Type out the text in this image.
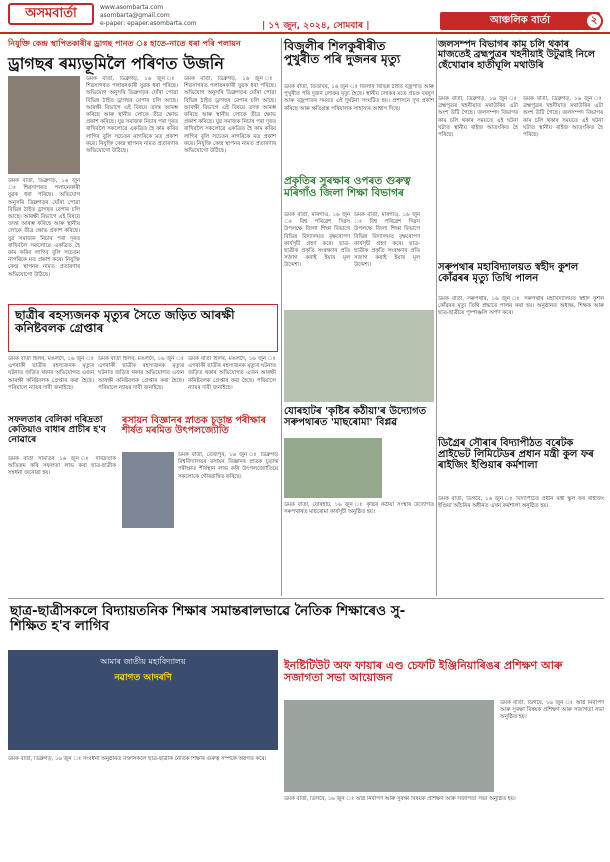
অসমবাৰ্তা	www.asombarta.com
asombarta@gmail.com
e-paper: epaper.asombarta.com	| ১৭ জুন, ২০২৪, সোমবাৰ |	আঞ্চলিক বাৰ্তা	২
নিযুক্তি কেন্দ্ৰ স্থাপিতকাৰীৰ ড্ৰাগছ পানত ঃ হাতে-নাতে ধৰা পৰি পলায়ন
ড্ৰাগছৰ ৰম্যভূমিলৈ পৰিণত উজনি
ডমক বাৰ্তা, ডিব্ৰুগড়, ১৬ জুন ঃ শিৱসাগৰত পলায়নকাৰী যুৱক ধৰা পৰিছে। অভিযোগ অনুসৰি ডিব্ৰুগড়ৰ ঘোঁৰা পোৱা বিভিন্ন ঠাইত ড্ৰাগছৰ বেপাৰ চলি আছে। আৰক্ষী বিভাগে এই বিষয়ে তদন্ত আৰম্ভ কৰিছে আৰু স্থানীয় লোকে তীব্ৰ ক্ষোভ প্ৰকাশ কৰিছে। যুৱ সমাজক নিচাৰ পৰা দূৰত ৰাখিবলৈ সকলোৱে একত্ৰিত হৈ কাম কৰিব লাগিব বুলি সচেতন নাগৰিকে মত প্ৰকাশ কৰে। নিযুক্তি কেন্দ্ৰ স্থাপনৰ নামত প্ৰতাৰণাৰ অভিযোগো উঠিছে।
ডমক বাৰ্তা, ডিব্ৰুগড়, ১৬ জুন ঃ শিৱসাগৰত পলায়নকাৰী যুৱক ধৰা পৰিছে। অভিযোগ অনুসৰি ডিব্ৰুগড়ৰ ঘোঁৰা পোৱা বিভিন্ন ঠাইত ড্ৰাগছৰ বেপাৰ চলি আছে। আৰক্ষী বিভাগে এই বিষয়ে তদন্ত আৰম্ভ কৰিছে আৰু স্থানীয় লোকে তীব্ৰ ক্ষোভ প্ৰকাশ কৰিছে। যুৱ সমাজক নিচাৰ পৰা দূৰত ৰাখিবলৈ সকলোৱে একত্ৰিত হৈ কাম কৰিব লাগিব বুলি সচেতন নাগৰিকে মত প্ৰকাশ কৰে। নিযুক্তি কেন্দ্ৰ স্থাপনৰ নামত প্ৰতাৰণাৰ অভিযোগো উঠিছে।
ডমক বাৰ্তা, ডিব্ৰুগড়, ১৬ জুন ঃ শিৱসাগৰত পলায়নকাৰী যুৱক ধৰা পৰিছে। অভিযোগ অনুসৰি ডিব্ৰুগড়ৰ ঘোঁৰা পোৱা বিভিন্ন ঠাইত ড্ৰাগছৰ বেপাৰ চলি আছে। আৰক্ষী বিভাগে এই বিষয়ে তদন্ত আৰম্ভ কৰিছে আৰু স্থানীয় লোকে তীব্ৰ ক্ষোভ প্ৰকাশ কৰিছে। যুৱ সমাজক নিচাৰ পৰা দূৰত ৰাখিবলৈ সকলোৱে একত্ৰিত হৈ কাম কৰিব লাগিব বুলি সচেতন নাগৰিকে মত প্ৰকাশ কৰে। নিযুক্তি কেন্দ্ৰ স্থাপনৰ নামত প্ৰতাৰণাৰ অভিযোগো উঠিছে।
বিজুলীৰ শিলকুৰীৰীত পুখুৰীত পৰি দুজনৰ মৃত্যু
ডমক বাৰ্তা, তিতাবৰ, ১৬ জুন ঃ জিলাৰ বিভিন্ন ঠাইত বজ্ৰপাত আৰু পুখুৰীত পৰি দুজন লোকৰ মৃত্যু হৈছে। স্থানীয় লোকৰ মতে প্ৰচণ্ড বৰষুণ আৰু বজ্ৰপাতৰ সময়ত এই দুৰ্ঘটনা সংঘটিত হয়। প্ৰশাসনে দুখ প্ৰকাশ কৰিছে আৰু ক্ষতিগ্ৰস্ত পৰিয়ালক সাহায্যৰ আশ্বাস দিছে।
জলসম্পদ বিভাগৰ কাম চলি থকাৰ মাজতেই ব্ৰহ্মপুত্ৰৰ খহনীয়াই উটুৱাই নিলে ছেঁখোৱাৰ হাতীঘূলি মথাউৰি
ডমক বাৰ্তা, ডিব্ৰুগড়, ১৬ জুন ঃ ব্ৰহ্মপুত্ৰৰ খহনীয়াত মথাউৰিৰ এটা অংশ উটি গৈছে। জলসম্পদ বিভাগৰ কাম চলি থকাৰ সময়তে এই ঘটনা ঘটাত স্থানীয় ৰাইজ আতংকিত হৈ পৰিছে।
ডমক বাৰ্তা, ডিব্ৰুগড়, ১৬ জুন ঃ ব্ৰহ্মপুত্ৰৰ খহনীয়াত মথাউৰিৰ এটা অংশ উটি গৈছে। জলসম্পদ বিভাগৰ কাম চলি থকাৰ সময়তে এই ঘটনা ঘটাত স্থানীয় ৰাইজ আতংকিত হৈ পৰিছে।
প্ৰকৃতিৰ সুৰক্ষাৰ ওপৰত গুৰুত্ব মৰিগাঁও জিলা শিক্ষা বিভাগৰ
ডমক বাৰ্তা, মৰিগাঁও, ১৬ জুন ঃ বিশ্ব পৰিৱেশ দিৱস উপলক্ষে জিলা শিক্ষা বিভাগে বিভিন্ন বিদ্যালয়ত বৃক্ষৰোপণ কাৰ্যসূচী গ্ৰহণ কৰে। ছাত্ৰ-ছাত্ৰীক প্ৰকৃতি সংৰক্ষণৰ প্ৰতি সজাগ কৰাই ইয়াৰ মূল উদ্দেশ্য।
ডমক বাৰ্তা, মৰিগাঁও, ১৬ জুন ঃ বিশ্ব পৰিৱেশ দিৱস উপলক্ষে জিলা শিক্ষা বিভাগে বিভিন্ন বিদ্যালয়ত বৃক্ষৰোপণ কাৰ্যসূচী গ্ৰহণ কৰে। ছাত্ৰ-ছাত্ৰীক প্ৰকৃতি সংৰক্ষণৰ প্ৰতি সজাগ কৰাই ইয়াৰ মূল উদ্দেশ্য।	সৰুপথাৰ মহাবিদ্যালয়ত স্বহীদ কুশল কোঁৱৰৰ মৃত্যু তিথি পালন
ডমক বাৰ্তা, সৰুপথাৰ, ১৬ জুন ঃ সৰুপথাৰ মহাবিদ্যালয়ত স্বহীদ কুশল কোঁৱৰৰ মৃত্যু তিথি শ্ৰদ্ধাৰে পালন কৰা হয়। অনুষ্ঠানত অধ্যক্ষ, শিক্ষক আৰু ছাত্ৰ-ছাত্ৰীয়ে পুষ্পাঞ্জলি অৰ্পণ কৰে।
ছাত্ৰীৰ ৰহস্যজনক মৃত্যুৰ সৈতে জড়িত আৰক্ষী কনিষ্টবলক গ্ৰেপ্তাৰ
ডমক বাৰ্তা হিলৰ, মঙলদৈ, ১৬ জুন ঃ এগৰাকী ছাত্ৰীৰ ৰহস্যজনক মৃত্যুৰ ঘটনাত জড়িত থকাৰ অভিযোগত এজন আৰক্ষী কনিষ্টবলক গ্ৰেপ্তাৰ কৰা হৈছে। পৰিয়ালে ন্যায়ৰ দাবী জনাইছে।
ডমক বাৰ্তা হিলৰ, মঙলদৈ, ১৬ জুন ঃ এগৰাকী ছাত্ৰীৰ ৰহস্যজনক মৃত্যুৰ ঘটনাত জড়িত থকাৰ অভিযোগত এজন আৰক্ষী কনিষ্টবলক গ্ৰেপ্তাৰ কৰা হৈছে। পৰিয়ালে ন্যায়ৰ দাবী জনাইছে।
ডমক বাৰ্তা হিলৰ, মঙলদৈ, ১৬ জুন ঃ এগৰাকী ছাত্ৰীৰ ৰহস্যজনক মৃত্যুৰ ঘটনাত জড়িত থকাৰ অভিযোগত এজন আৰক্ষী কনিষ্টবলক গ্ৰেপ্তাৰ কৰা হৈছে। পৰিয়ালে ন্যায়ৰ দাবী জনাইছে।
যোৰহাটৰ 'কৃষ্টিৰ কঠীয়া'ৰ উদ্যোগত সৰুপথাৰত 'মাছৰোমা' বিপ্লৱ
সফলতাৰ বেলিকা দৰিদ্ৰতা কেতিয়াও বাধাৰ প্ৰাচীৰ হ'ব নোৱাৰে
ডমক বাৰ্তা সমিতিৰ ১৬ জুন ঃ দৰিদ্ৰতাক অতিক্ৰম কৰি সফলতা লাভ কৰা ছাত্ৰ-ছাত্ৰীক সম্বৰ্ধনা জনোৱা হয়।
ৰসায়ন বিজ্ঞানৰ স্নাতক চূড়ান্ত পৰীক্ষাৰ শীৰ্ষত মৰমিত উৎপলজ্যোতি
ডমক বাৰ্তা, তেজপুৰ, ১৬ জুন ঃ ডিব্ৰুগড় বিশ্ববিদ্যালয়ৰ ৰসায়ন বিজ্ঞানৰ স্নাতক চূড়ান্ত পৰীক্ষাত শীৰ্ষস্থান লাভ কৰি উৎপলজ্যোতিয়ে সকলোকে গৌৰৱান্বিত কৰিছে।
ডমক বাৰ্তা, যোৰহাট, ১৬ জুন ঃ কৃষ্টিৰ কঠীয়া সংস্থাৰ উদ্যোগত সৰুপথাৰত মাছৰোমা কাৰ্যসূচী অনুষ্ঠিত হয়।
ডিগ্ৰৈৰ সৌৰাৰ বিদ্যাপীঠত বৰেটক প্ৰাইভেট লিমিটেডৰ প্ৰধান মন্ত্ৰী কুল ফৰ ৰাইজিং ইণ্ডিয়াৰ কৰ্মশালা
ডমক বাৰ্তা, ডিগবৈ, ১৬ জুন ঃ বিদ্যাপীঠত প্ৰধান মন্ত্ৰী স্কুল ফৰ ৰাইজিং ইণ্ডিয়া আঁচনিৰ অধীনত এখন কৰ্মশালা অনুষ্ঠিত হয়।
ছাত্ৰ-ছাত্ৰীসকলে বিদ্যায়তনিক শিক্ষাৰ সমান্তৰালভাৱে নৈতিক শিক্ষাৰেও সু-শিক্ষিত হ'ব লাগিব
আমাৰ জাতীয় মহাবিদ্যালয়
নৱাগত আদৰণি
ডমক বাৰ্তা, ডিব্ৰুগড়, ১৬ জুন ঃ সংবৰ্ধনা অনুষ্ঠানত বক্তাসকলে ছাত্ৰ-ছাত্ৰীক নৈতিক শিক্ষাৰ গুৰুত্ব সম্পৰ্কে অৱগত কৰে।
ইনষ্টিটিউট অফ ফায়াৰ এণ্ড চেফটি ইঞ্জিনিয়াৰিঙৰ প্ৰশিক্ষণ আৰু সজাগতা সভা আয়োজন
ডমক বাৰ্তা, ডিগবৈ, ১৬ জুন ঃ অগ্নি নিৰ্বাপণ আৰু সুৰক্ষা বিষয়ক প্ৰশিক্ষণ আৰু সজাগতা সভা অনুষ্ঠিত হয়।
ডমক বাৰ্তা, ডিগবৈ, ১৬ জুন ঃ অগ্নি নিৰ্বাপণ আৰু সুৰক্ষা বিষয়ক প্ৰশিক্ষণ আৰু সজাগতা সভা অনুষ্ঠিত হয়।
